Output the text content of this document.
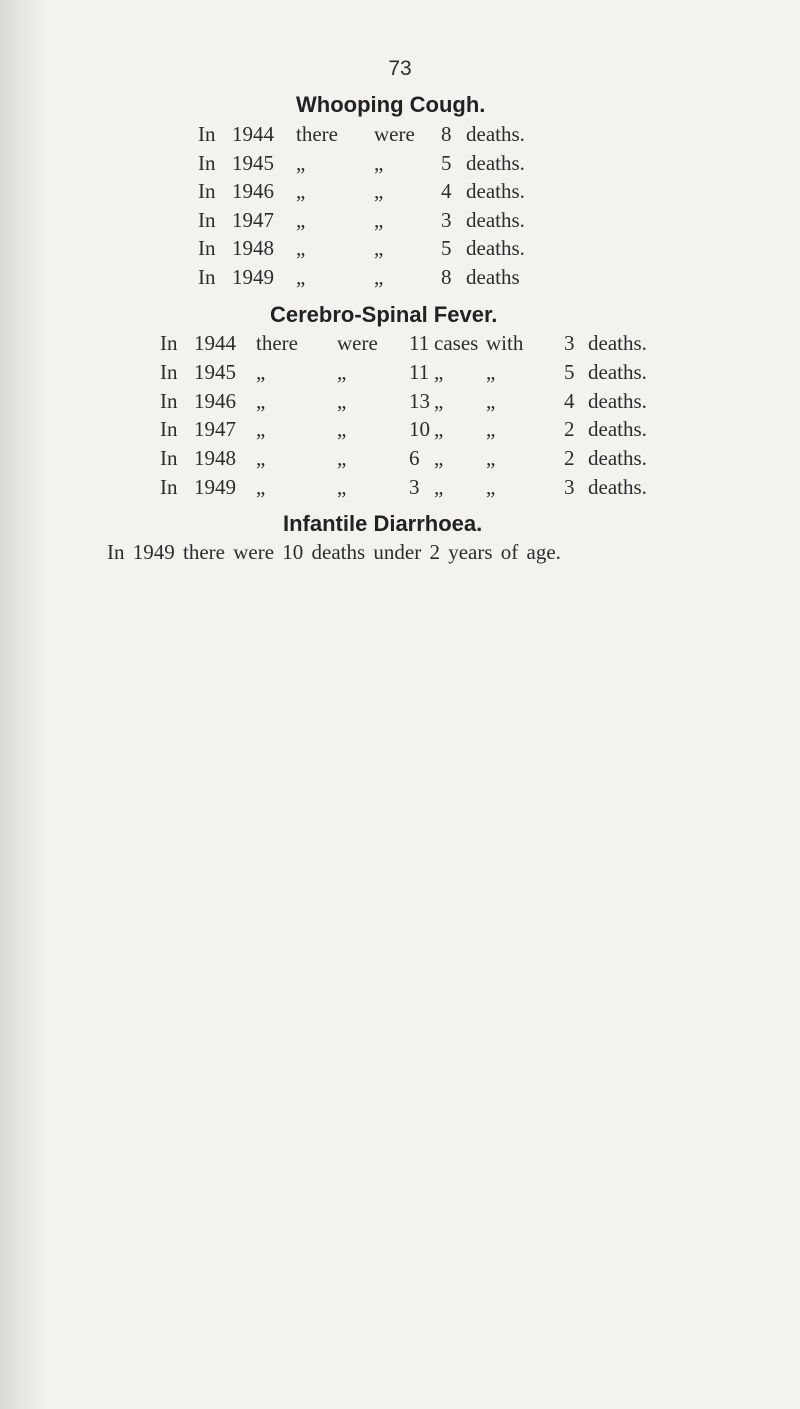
73
Whooping Cough.
In 1944 there were 8 deaths.
In 1945 „	„	5 deaths.
In 1946 „	„	4 deaths.
In 1947 „	„	3 deaths.
In 1948 „	„	5 deaths.
In 1949 „	„	8 deaths
Cerebro-Spinal Fever.
In 1944 there were 11 cases with 3 deaths.
In 1945 „	„	11 „ „	5 deaths.
In 1946 „	„	13 „ „	4 deaths.
In 1947 „	„	10 „ „	2 deaths.
In 1948 „	„	6 „ „	2 deaths.
In 1949 „	„	3 „ „	3 deaths.
Infantile Diarrhoea.
In 1949 there were 10 deaths under 2 years of age.
